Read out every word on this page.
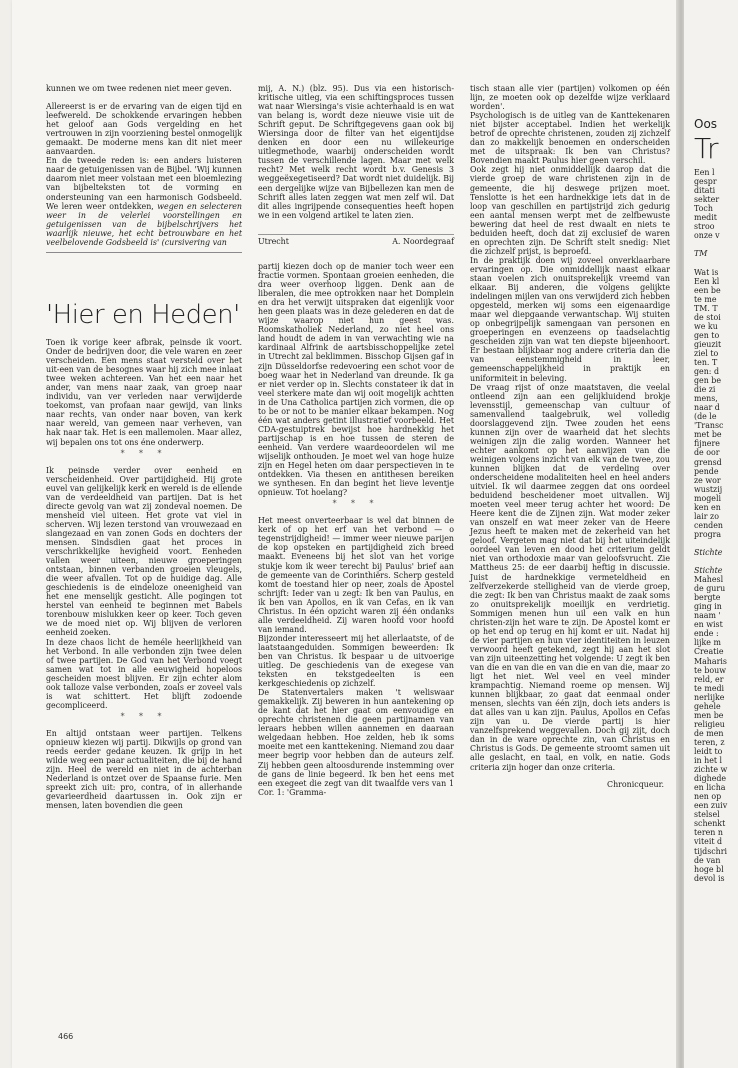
kunnen we om twee redenen niet meer geven.

Allereerst is er de ervaring van de eigen tijd en leefwereld. De schokkende ervaringen hebben het geloof aan Gods vergelding en het vertrouwen in zijn voorziening bestel onmogelijk gemaakt. De moderne mens kan dit niet meer aanvaarden.

En de tweede reden is: een anders luisteren naar de getuigenissen van de Bijbel. 'Wij kunnen daarom niet meer volstaan met een bloemlezing van bijbelteksten tot de vorming en ondersteuning van een harmonisch Godsbeeld. We leren weer ontdekken, wegen en selecteren weer in de velerlei voorstellingen en getuigenissen van de bijbelschrijvers het waarlijk nieuwe, het echt betrouwbare en het veelbelovende Godsbeeld is' (cursivering van

mij, A. N.) (blz. 95). Dus via een historisch-kritische uitleg, via een schiftingsproces tussen wat naar Wiersinga's visie achterhaald is en wat van belang is, wordt deze nieuwe visie uit de Schrift geput. De Schriftgegevens gaan ook bij Wiersinga door de filter van het eigentijdse denken en door een nu willekeurige uitlegmethode, waarbij onderscheiden wordt tussen de verschillende lagen. Maar met welk recht? Met welk recht wordt b.v. Genesis 3 weggeëxegetiseerd? Dat wordt niet duidelijk. Bij een dergelijke wijze van Bijbellezen kan men de Schrift alles laten zeggen wat men zelf wil. Dat dit alles ingrijpende consequenties heeft hopen we in een volgend artikel te laten zien.

Utrecht	A. Noordegraaf
'Hier en Heden'

Toen ik vorige keer afbrak, peinsde ik voort. Onder de bedrijven door, die vele waren en zeer verscheiden. Een mens staat versteld over het uit-een van de besognes waar hij zich mee inlaat twee weken achtereen. Van het een naar het ander, van mens naar zaak, van groep naar individu, van ver verleden naar verwijderde toekomst, van profaan naar gewijd, van links naar rechts, van onder naar boven, van kerk naar wereld, van gemeen naar verheven, van hak naar tak. Het is een mallemolen. Maar allez, wij bepalen ons tot ons éne onderwerp.

* * *

Ik peinsde verder over eenheid en verscheidenheid. Over partijdigheid. Hij grote euvel van gelijkelijk kerk en wereld is de ellende van de verdeeldheid van partijen. Dat is het directe gevolg van wat zij zondeval noemen. De mensheid viel uiteen. Het grote vat viel in scherven. Wij lezen terstond van vrouwezaad en slangezaad en van zonen Gods en dochters der mensen. Sindsdien gaat het proces in verschrikkelijke hevigheid voort. Eenheden vallen weer uiteen, nieuwe groeperingen ontstaan, binnen verbanden groeien vleugels, die weer afvallen. Tot op de huidige dag. Alle geschiedenis is de eindeloze oneenigheid van het ene menselijk gesticht. Alle pogingen tot herstel van eenheid te beginnen met Babels torenbouw mislukken keer op keer. Toch geven we de moed niet op. Wij blijven de verloren eenheid zoeken.

In deze chaos licht de heméle heerlijkheid van het Verbond. In alle verbonden zijn twee delen of twee partijen. De God van het Verbond voegt samen wat tot in alle eeuwigheid hopeloos gescheiden moest blijven. Er zijn echter alom ook talloze valse verbonden, zoals er zoveel vals is wat schittert. Het blijft zodoende gecompliceerd.

* * *

En altijd ontstaan weer partijen. Telkens opnieuw kiezen wij partij. Dikwijls op grond van reeds eerder gedane keuzen. Ik grijp in het wilde weg een paar actualiteiten, die bij de hand zijn. Heel de wereld en niet in de achterban Nederland is ontzet over de Spaanse furie. Men spreekt zich uit: pro, contra, of in allerhande gevarieerdheid daartussen in. Ook zijn er mensen, laten bovendien die geen

partij kiezen doch op de manier toch weer een fractie vormen. Spontaan groeien eenheden, die dra weer overhoop liggen. Denk aan de liberalen, die mee optrokken naar het Domplein en dra het verwijt uitspraken dat eigenlijk voor hen geen plaats was in deze gelederen en dat de wijze waarop niet hun geest was. Roomskatholiek Nederland, zo niet heel ons land houdt de adem in van verwachting wie na kardinaal Alfrink de aartsbisschoppelijke zetel in Utrecht zal beklimmen. Bisschop Gijsen gaf in zijn Düsseldorfse redevoering een schot voor de boeg waar het in Nederland van dreunde. Ik ga er niet verder op in. Slechts constateer ik dat in veel sterkere mate dan wij ooit mogelijk achtten in de Una Catholica partijen zich vormen, die op to be or not to be manier elkaar bekampen. Nog één wat anders getint illustratief voorbeeld. Het CDA-gestuiptrek bewijst hoe hardnekkig het partijschap is en hoe tussen de steren de eenheid. Van verdere waardeoordelen wil me wijselijk onthouden. Je moet wel van hoge huize zijn en Hegel heten om daar perspectieven in te ontdekken. Via thesen en antithesen bereiken we synthesen. En dan begint het lieve leventje opnieuw. Tot hoelang?

* * *

Het meest onverteerbaar is wel dat binnen de kerk of op het erf van het verbond — o tegenstrijdigheid! — immer weer nieuwe parijen de kop opsteken en partijdigheid zich breed maakt. Eveneens bij het slot van het vorige stukje kom ik weer terecht bij Paulus' brief aan de gemeente van de Corinthiërs. Scherp gesteld komt de toestand hier op neer, zoals de Apostel schrijft: Ieder van u zegt: Ik ben van Paulus, en ik ben van Apollos, en ik van Cefas, en ik van Christus. In één opzicht waren zij één ondanks alle verdeeldheid. Zij waren hoofd voor hoofd van iemand.

Bijzonder interesseert mij het allerlaatste, of de laatstaangeduiden. Sommigen beweerden: Ik ben van Christus. Ik bespaar u de uitvoerige uitleg. De geschiedenis van de exegese van teksten en tekstgedeelten is een kerkgeschiedenis op zichzelf.

De Statenvertalers maken 't weliswaar gemakkelijk. Zij beweren in hun aantekening op de kant dat het hier gaat om eenvoudige en oprechte christenen die geen partijnamen van leraars hebben willen aannemen en daaraan welgedaan hebben. Hoe zelden, heb ik soms moeite met een kanttekening. Niemand zou daar meer begrip voor hebben dan de auteurs zelf. Zij hebben geen altoosdurende instemming over de gans de linie begeerd. Ik ben het eens met een exegeet die zegt van dit twaalfde vers van 1 Cor. 1: 'Gramma-

tisch staan alle vier (partijen) volkomen op één lijn, ze moeten ook op dezelfde wijze verklaard worden'.

Psychologisch is de uitleg van de Kanttekenaren niet bijster acceptabel. Indien het werkelijk betrof de oprechte christenen, zouden zij zichzelf dan zo makkelijk benoemen en onderscheiden met de uitspraak: Ik ben van Christus? Bovendien maakt Paulus hier geen verschil.

Ook zegt hij niet onmiddellijk daarop dat die vierde groep de ware christenen zijn in de gemeente, die hij deswege prijzen moet. Tenslotte is het een hardnekkige iets dat in de loop van geschillen en partijstrijd zich gedurig een aantal mensen werpt met de zelfbewuste bewering dat heel de rest dwaalt en niets te beduiden heeft, doch dat zij exclusief de waren en oprechten zijn. De Schrift stelt snedig: Niet die zichzelf prijst, is beproefd.

In de praktijk doen wij zoveel onverklaarbare ervaringen op. Die onmiddellijk naast elkaar staan voelen zich onuitsprekelijk vreemd van elkaar. Bij anderen, die volgens gelijkte indelingen mijlen van ons verwijderd zich hebben opgesteld, merken wij soms een eigenaardige maar wel diepgaande verwantschap. Wij stuiten op onbegrijpelijk samengaan van personen en groeperingen en evenzeens op taadselachtig gescheiden zijn van wat ten diepste bijeenhoort. Er bestaan blijkbaar nog andere criteria dan die van eenstemmigheid in leer, gemeenschappelijkheid in praktijk en uniformiteit in beleving.

De vraag rijst of onze maatstaven, die veelal ontleend zijn aan een gelijkluidend brokje levensstijl, gemeenschap van cultuur of samenvallend taalgebruik, wel volledig doorslaggevend zijn. Twee zouden het eens kunnen zijn over de waarheid dat het slechts weinigen zijn die zalig worden. Wanneer het echter aankomt op het aanwijzen van die weinigen volgens inzicht van elk van de twee, zou kunnen blijken dat de verdeling over onderscheidene modaliteiten heel en heel anders uitviel. Ik wil daarmee zeggen dat ons oordeel beduidend bescheidener moet uitvallen. Wij moeten veel meer terug achter het woord: De Heere kent die de Zijnen zijn. Wat moder zeker van onszelf en wat meer zeker van de Heere Jezus heeft te maken met de zekerheid van het geloof. Vergeten mag niet dat bij het uiteindelijk oordeel van leven en dood het criterium geldt niet van orthodoxie maar van geloofsvrucht. Zie Mattheus 25: de eer daarbij heftig in discussie. Juist de hardnekkige vermeteldheid en zelfverzekerde stelligheid van de vierde groep, die zegt: Ik ben van Christus maakt de zaak soms zo onuitsprekelijk moeilijk en verdrietig. Sommigen menen hun uil een valk en hun christen-zijn het ware te zijn. De Apostel komt er op het end op terug en hij komt er uit. Nadat hij de vier partijen en hun vier identiteiten in leuzen verwoord heeft getekend, zegt hij aan het slot van zijn uiteenzetting het volgende: U zegt ik ben van die en van die en van die en van die, maar zo ligt het niet. Wel veel en veel minder krampachtig. Niemand roeme op mensen. Wij kunnen blijkbaar, zo gaat dat eenmaal onder mensen, slechts van één zijn, doch iets anders is dat alles van u kan zijn. Paulus, Apollos en Cefas zijn van u. De vierde partij is hier vanzelfsprekend weggevallen. Doch gij zijt, doch dan in de ware oprechte zin, van Christus en Christus is Gods. De gemeente stroomt samen uit alle geslacht, en taal, en volk, en natie. Gods criteria zijn hoger dan onze criteria.

Chronicqueur.
466
Oos
Tr
Een l
gespr
ditati
sekter
Toch
medit
stroo
onze v
TM
Wat is
Een kl
een be
te me
TM. T
de stoi
we ku
gen to
gieuzit
ziel to
ten. T
gen: d
gen be
die zi
mens,
naar d
(de le
'Transc
met be
fijnere
de oor
grensd
pende
ze wor
wustzij
mogeli
ken en
lair zo
cenden
progra
Stichte
Stichte
Mahesl
de guru
bergte
ging in
naam '
en wist
ende :
lijke m
Creatie
Maharis
te bouw
reld, er
te medi
nerlijke
gehele
men be
religieu
de men
teren, z
leidt to
in het l
zichte w
dighede
en licha
nen op
een zuiv
stelsel
schenkt
teren n
viteit d
tijdschri
de van
hoge bl
devol is
